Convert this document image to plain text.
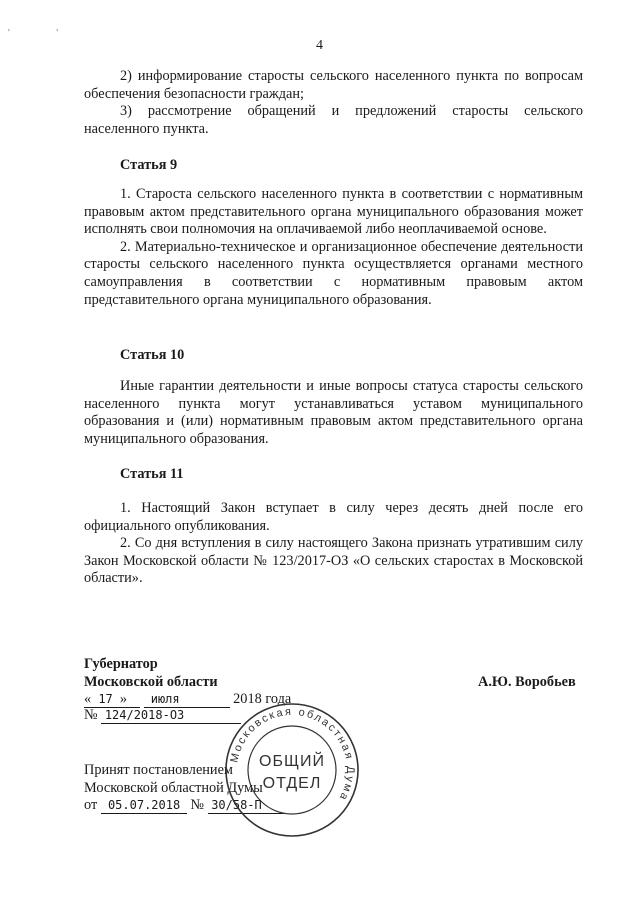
' '
4

2) информирование старосты сельского населенного пункта по вопросам обеспечения безопасности граждан;

3) рассмотрение обращений и предложений старосты сельского населенного пункта.

Статья 9

1. Староста сельского населенного пункта в соответствии с нормативным правовым актом представительного органа муниципального образования может исполнять свои полномочия на оплачиваемой либо неоплачиваемой основе.

2. Материально-техническое и организационное обеспечение деятельности старосты сельского населенного пункта осуществляется органами местного самоуправления в соответствии с нормативным правовым актом представительного органа муниципального образования.

Статья 10

Иные гарантии деятельности и иные вопросы статуса старосты сельского населенного пункта могут устанавливаться уставом муниципального образования и (или) нормативным правовым актом представительного органа муниципального образования.

Статья 11

1. Настоящий Закон вступает в силу через десять дней после его официального опубликования.

2. Со дня вступления в силу настоящего Закона признать утратившим силу Закон Московской области № 123/2017-ОЗ «О сельских старостах в Московской области».

Губернатор
Московской области	А.Ю. Воробьев
« 17 » июля	2018 года
№ 124/2018-ОЗ
Принят постановлением
Московской областной Думы
от 05.07.2018 № 30/58-П
Московская областная Дума
ОБЩИЙ
ОТДЕЛ
